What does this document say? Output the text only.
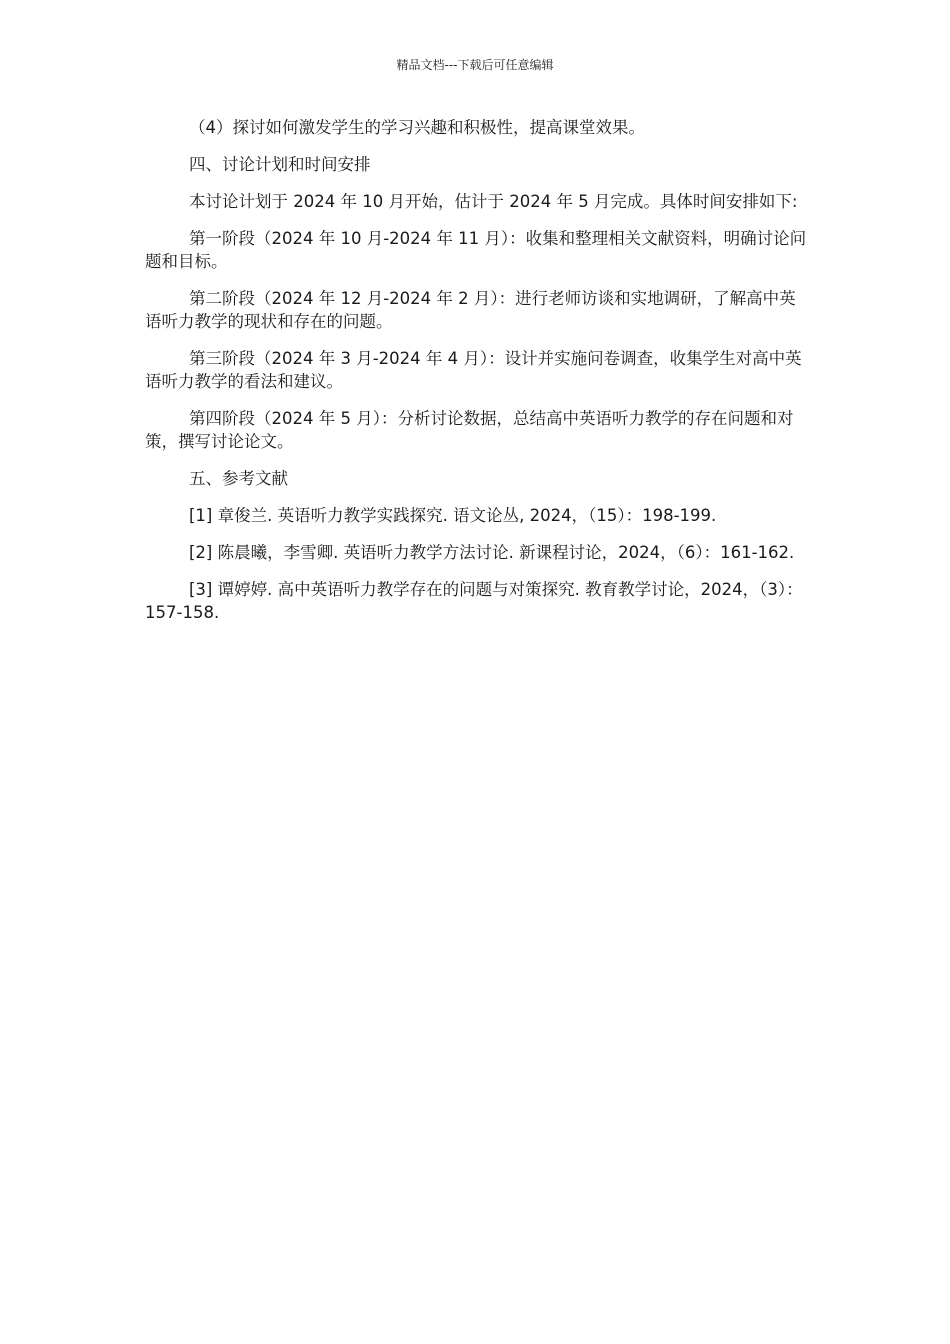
精品文档---下载后可任意编辑

（4）探讨如何激发学生的学习兴趣和积极性，提高课堂效果。

四、讨论计划和时间安排

本讨论计划于 2024 年 10 月开始，估计于 2024 年 5 月完成。具体时间安排如下:

第一阶段（2024 年 10 月-2024 年 11 月）：收集和整理相关文献资料，明确讨论问题和目标。

第二阶段（2024 年 12 月-2024 年 2 月）：进行老师访谈和实地调研，了解高中英语听力教学的现状和存在的问题。

第三阶段（2024 年 3 月-2024 年 4 月）：设计并实施问卷调查，收集学生对高中英语听力教学的看法和建议。

第四阶段（2024 年 5 月）：分析讨论数据，总结高中英语听力教学的存在问题和对策，撰写讨论论文。

五、参考文献

[1] 章俊兰. 英语听力教学实践探究. 语文论丛, 2024，（15）：198-199.

[2] 陈晨曦，李雪卿. 英语听力教学方法讨论. 新课程讨论，2024，（6）：161-162.

[3] 谭婷婷. 高中英语听力教学存在的问题与对策探究. 教育教学讨论，2024，（3）：157-158.
